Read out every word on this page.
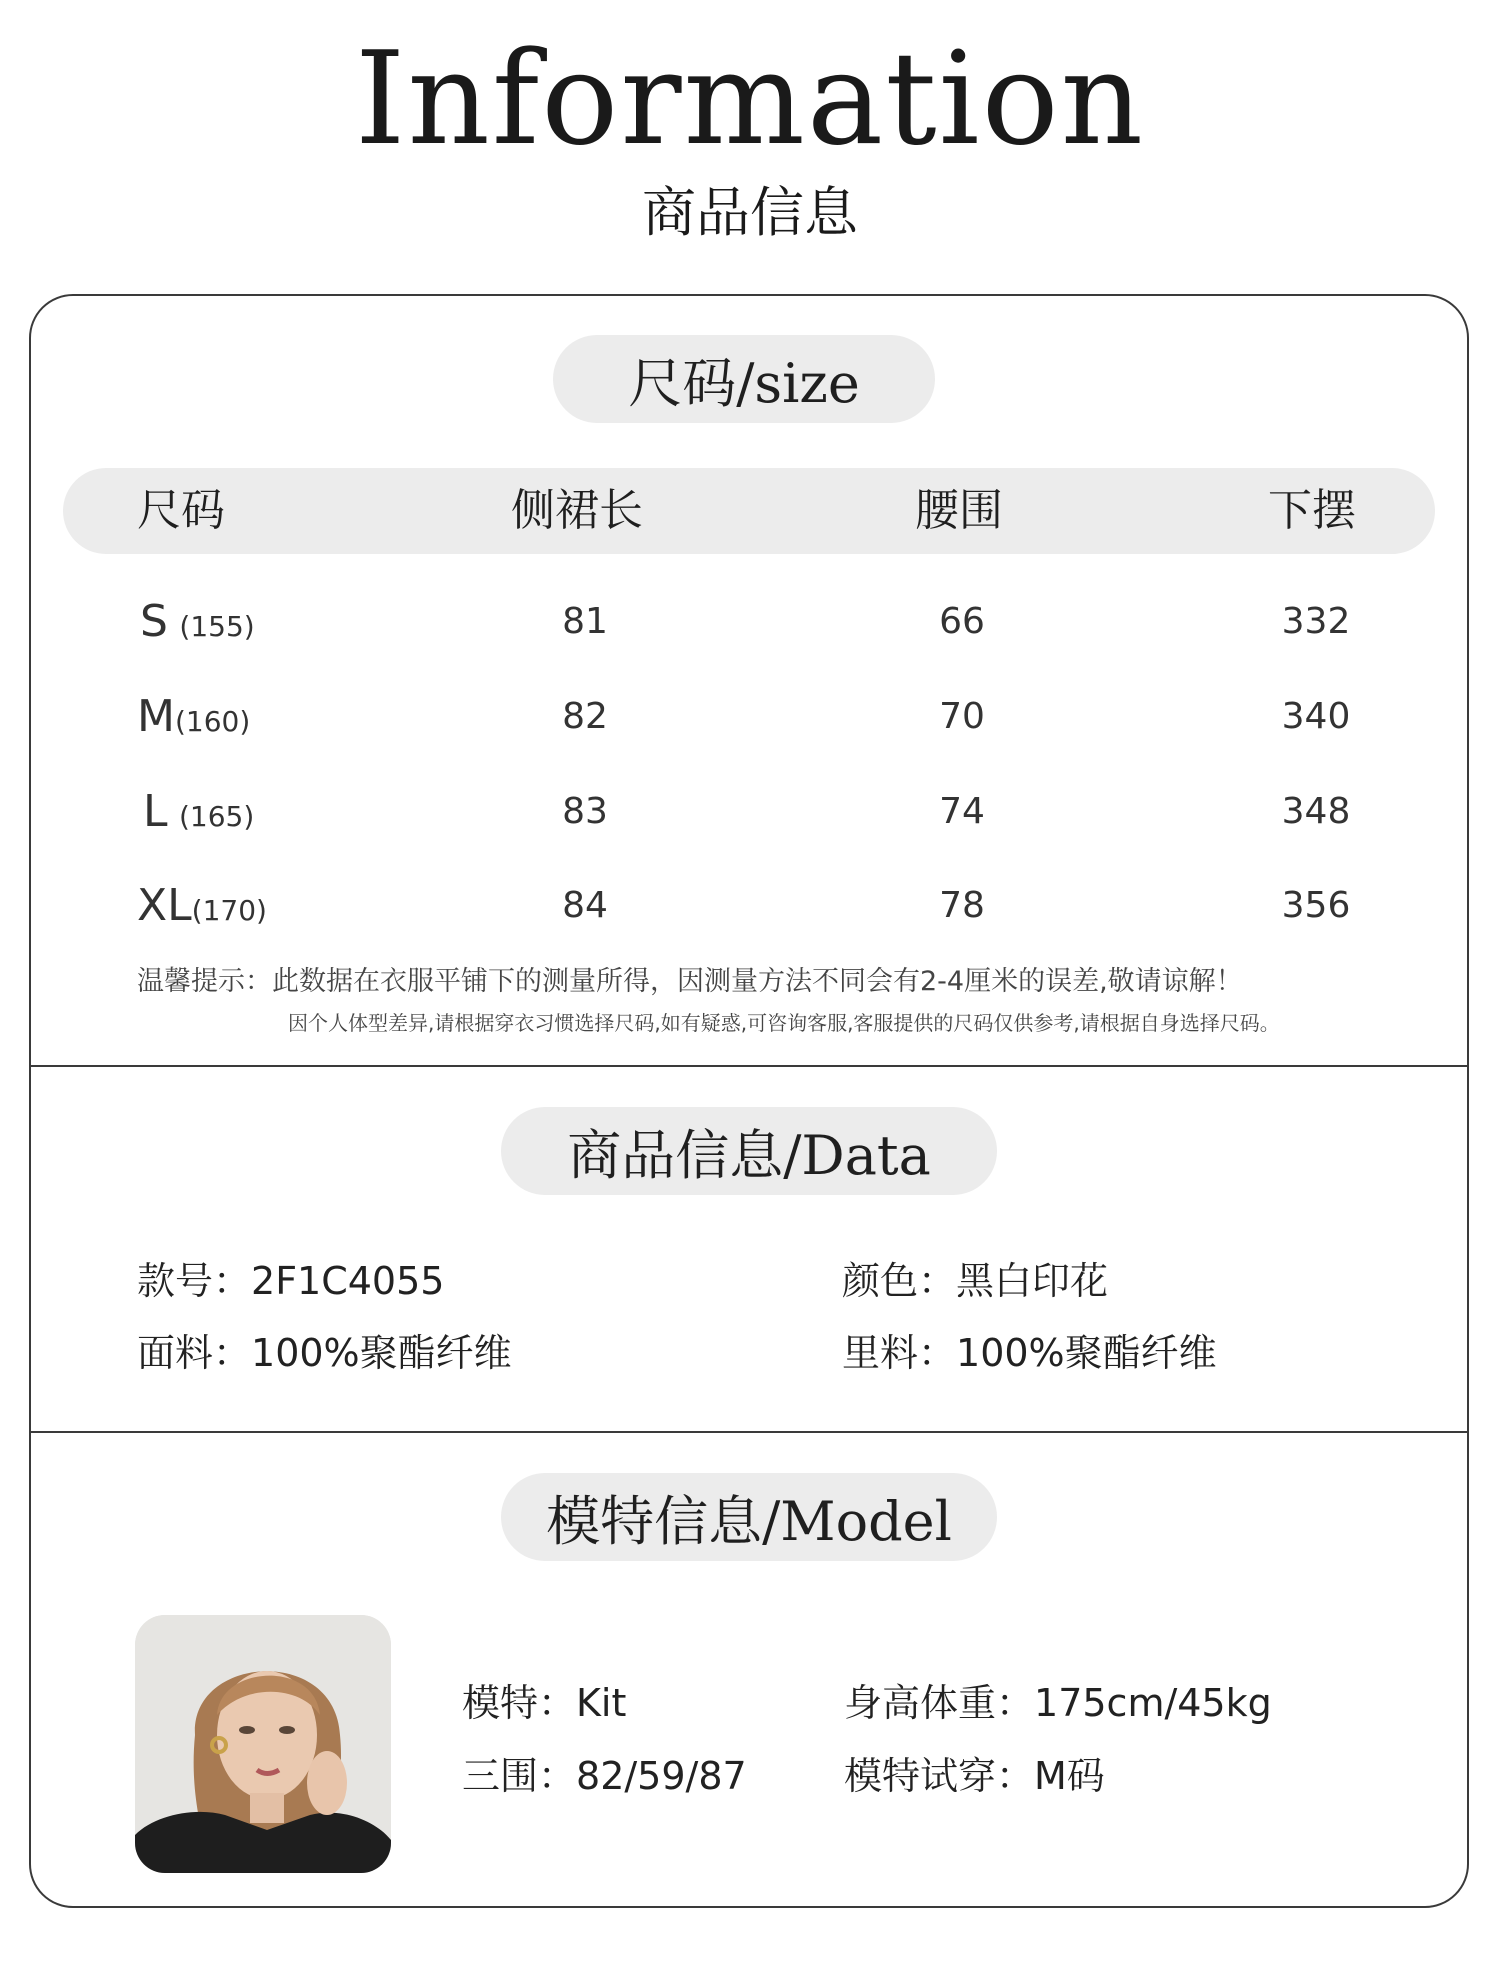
Information
商品信息
尺码/size
尺码	侧裙长	腰围	下摆
S (155)	81	66	332
M(160)	82	70	340
L (165)	83	74	348
XL(170)	84	78	356
温馨提示：此数据在衣服平铺下的测量所得，因测量方法不同会有2-4厘米的误差,敬请谅解！
因个人体型差异,请根据穿衣习惯选择尺码,如有疑惑,可咨询客服,客服提供的尺码仅供参考,请根据自身选择尺码。
商品信息/Data
款号：2F1C4055	颜色：黑白印花
面料：100%聚酯纤维	里料：100%聚酯纤维
模特信息/Model
模特：Kit	身高体重：175cm/45kg
三围：82/59/87	模特试穿：M码
